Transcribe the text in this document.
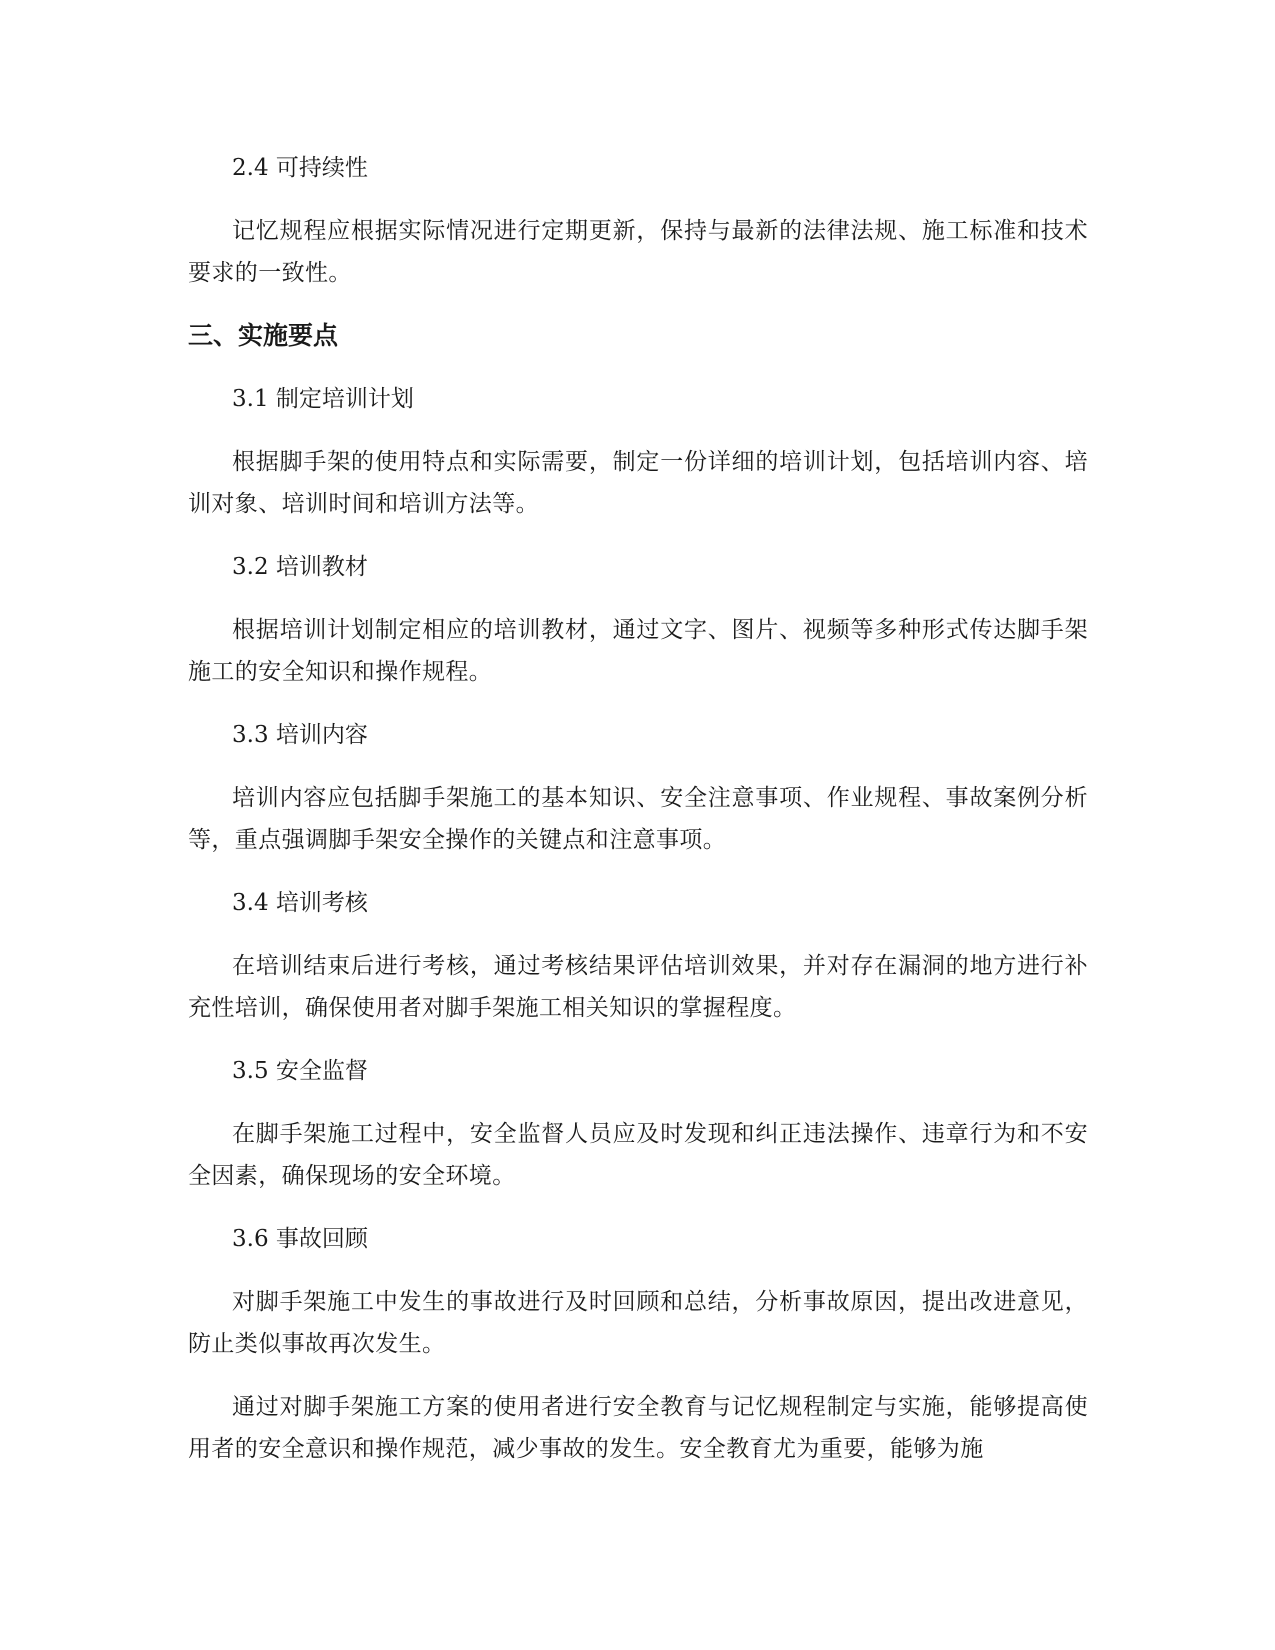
2.4 可持续性

记忆规程应根据实际情况进行定期更新，保持与最新的法律法规、施工标准和技术要求的一致性。

三、实施要点
3.1 制定培训计划

根据脚手架的使用特点和实际需要，制定一份详细的培训计划，包括培训内容、培训对象、培训时间和培训方法等。

3.2 培训教材

根据培训计划制定相应的培训教材，通过文字、图片、视频等多种形式传达脚手架施工的安全知识和操作规程。

3.3 培训内容

培训内容应包括脚手架施工的基本知识、安全注意事项、作业规程、事故案例分析等，重点强调脚手架安全操作的关键点和注意事项。

3.4 培训考核

在培训结束后进行考核，通过考核结果评估培训效果，并对存在漏洞的地方进行补充性培训，确保使用者对脚手架施工相关知识的掌握程度。

3.5 安全监督

在脚手架施工过程中，安全监督人员应及时发现和纠正违法操作、违章行为和不安全因素，确保现场的安全环境。

3.6 事故回顾

对脚手架施工中发生的事故进行及时回顾和总结，分析事故原因，提出改进意见，防止类似事故再次发生。

通过对脚手架施工方案的使用者进行安全教育与记忆规程制定与实施，能够提高使用者的安全意识和操作规范，减少事故的发生。安全教育尤为重要，能够为施
